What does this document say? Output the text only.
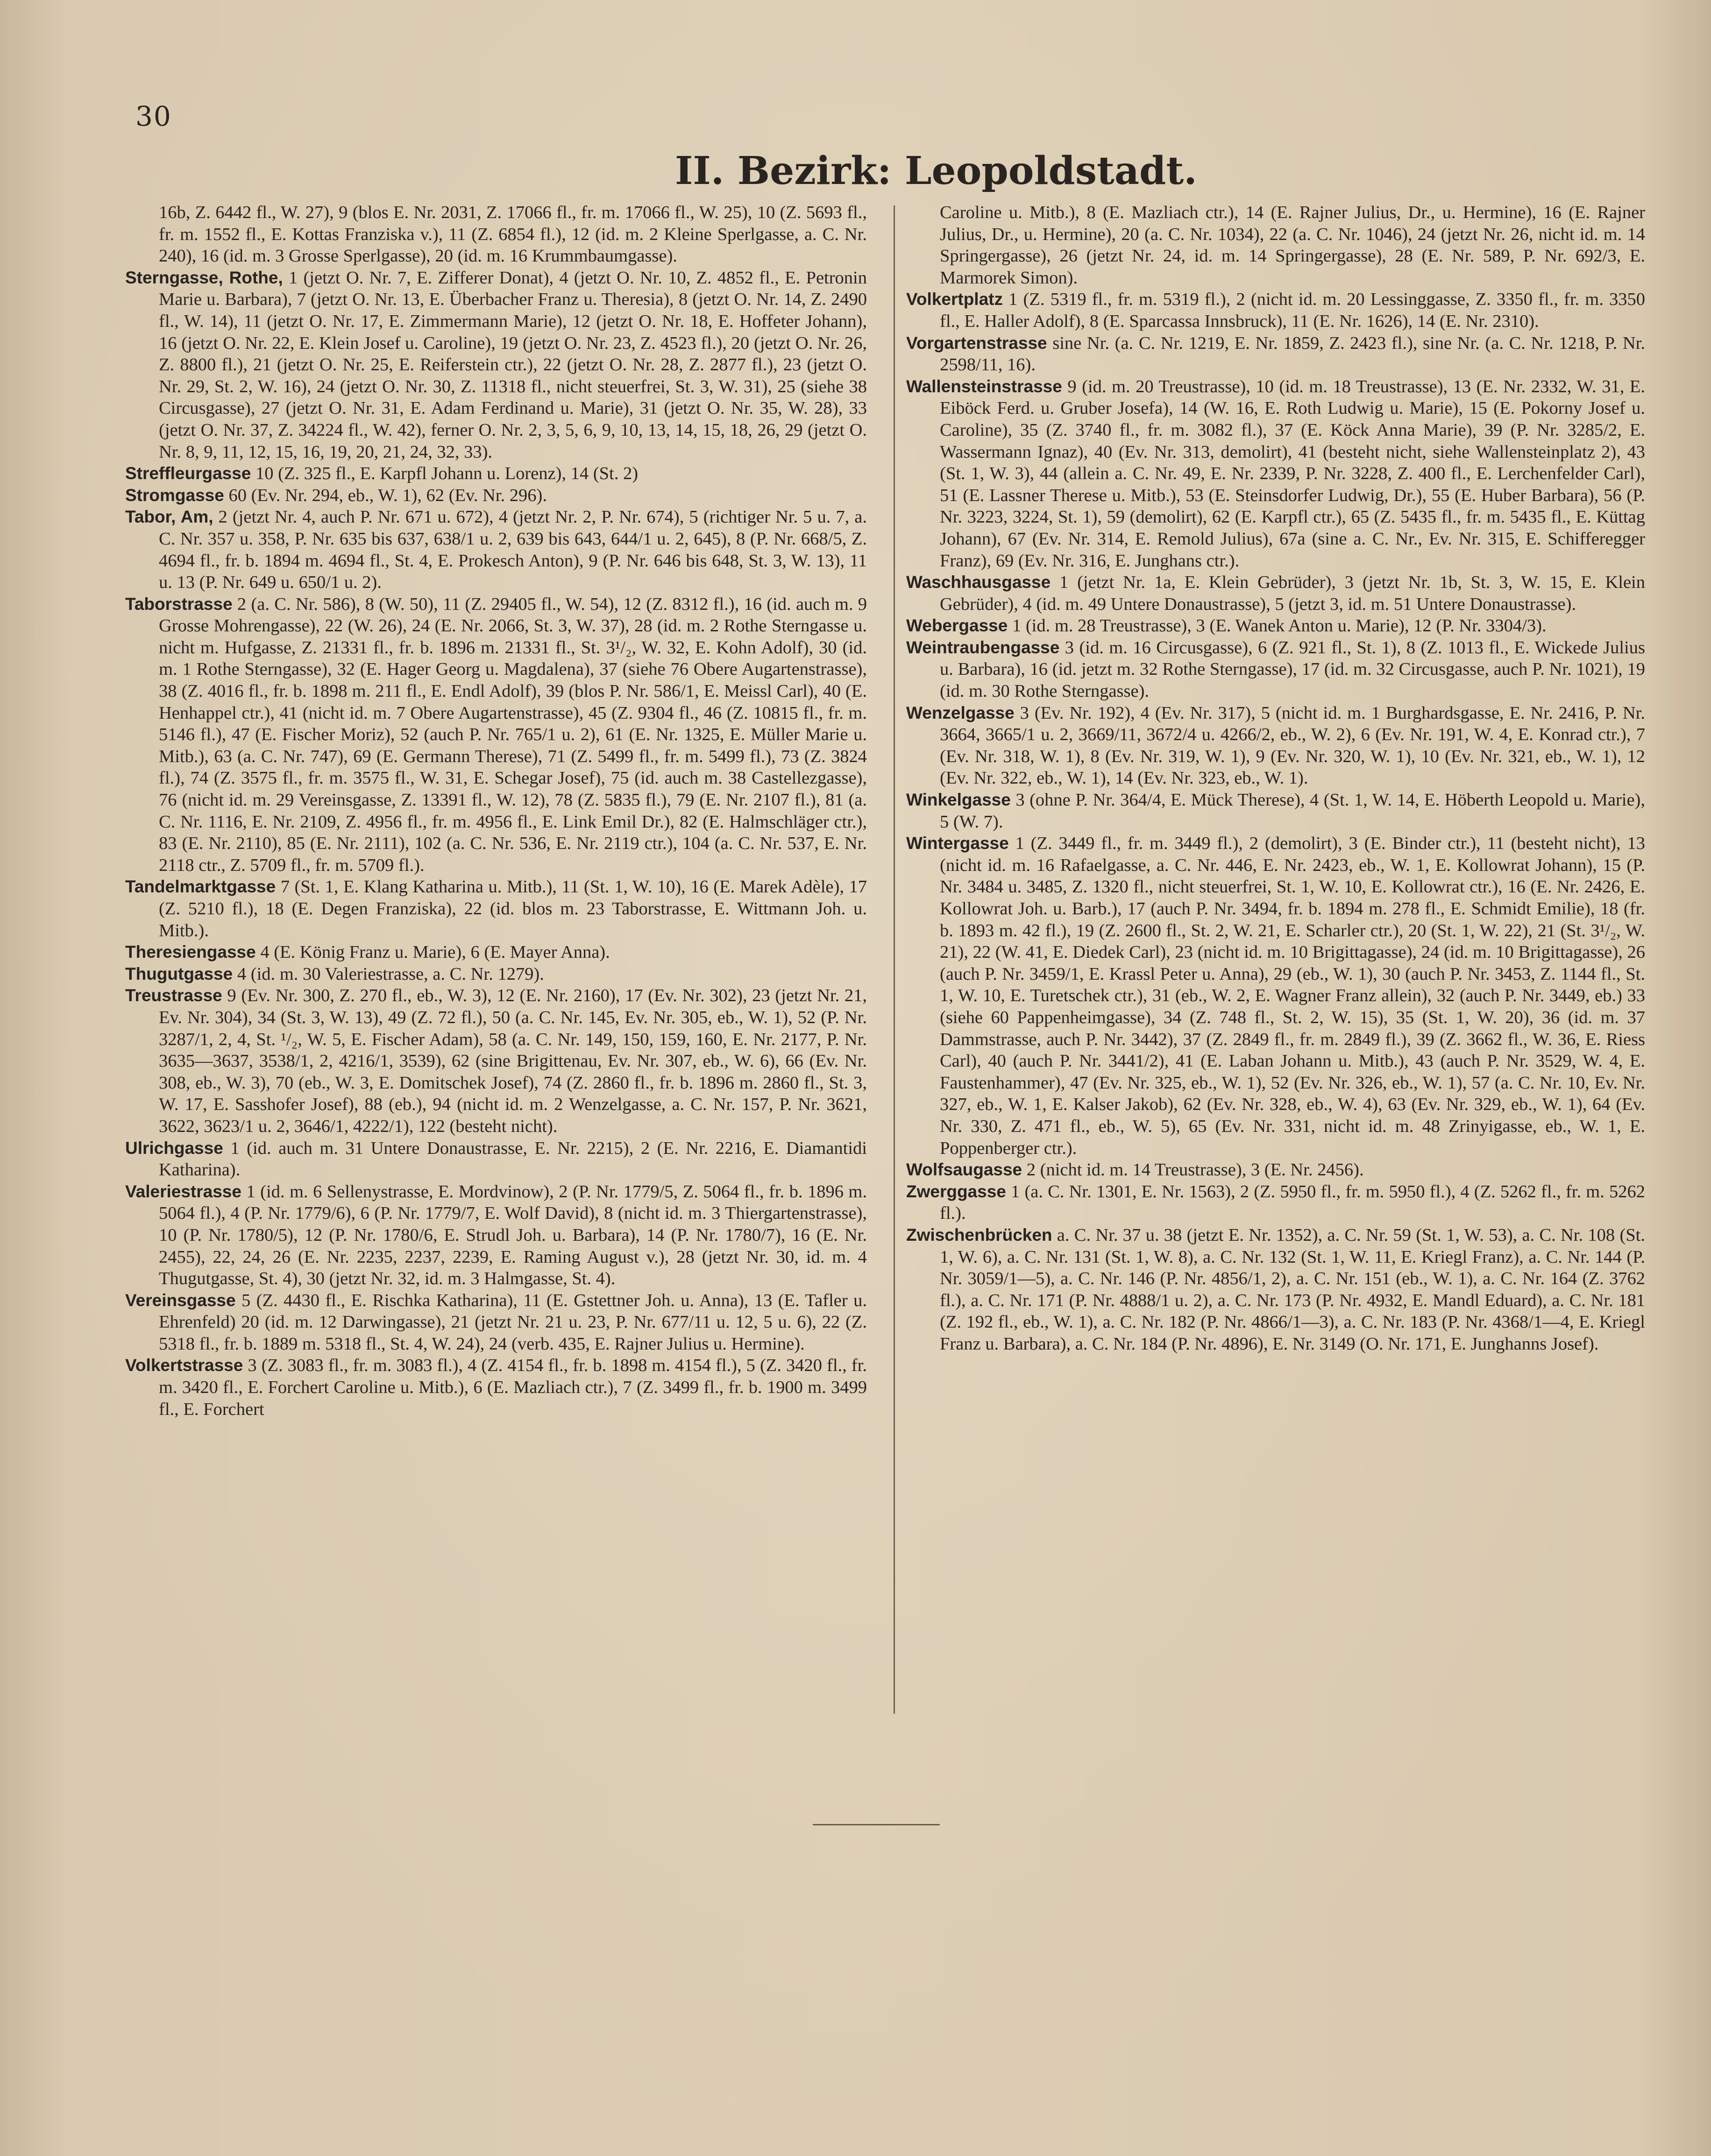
30
II. Bezirk: Leopoldstadt.

16b, Z. 6442 fl., W. 27), 9 (blos E. Nr. 2031, Z. 17066 fl., fr. m. 17066 fl., W. 25), 10 (Z. 5693 fl., fr. m. 1552 fl., E. Kottas Franziska v.), 11 (Z. 6854 fl.), 12 (id. m. 2 Kleine Sperlgasse, a. C. Nr. 240), 16 (id. m. 3 Grosse Sperlgasse), 20 (id. m. 16 Krummbaumgasse).

Sterngasse, Rothe, 1 (jetzt O. Nr. 7, E. Zifferer Donat), 4 (jetzt O. Nr. 10, Z. 4852 fl., E. Petronin Marie u. Barbara), 7 (jetzt O. Nr. 13, E. Überbacher Franz u. Theresia), 8 (jetzt O. Nr. 14, Z. 2490 fl., W. 14), 11 (jetzt O. Nr. 17, E. Zimmermann Marie), 12 (jetzt O. Nr. 18, E. Hoffeter Johann), 16 (jetzt O. Nr. 22, E. Klein Josef u. Caroline), 19 (jetzt O. Nr. 23, Z. 4523 fl.), 20 (jetzt O. Nr. 26, Z. 8800 fl.), 21 (jetzt O. Nr. 25, E. Reiferstein ctr.), 22 (jetzt O. Nr. 28, Z. 2877 fl.), 23 (jetzt O. Nr. 29, St. 2, W. 16), 24 (jetzt O. Nr. 30, Z. 11318 fl., nicht steuerfrei, St. 3, W. 31), 25 (siehe 38 Circusgasse), 27 (jetzt O. Nr. 31, E. Adam Ferdinand u. Marie), 31 (jetzt O. Nr. 35, W. 28), 33 (jetzt O. Nr. 37, Z. 34224 fl., W. 42), ferner O. Nr. 2, 3, 5, 6, 9, 10, 13, 14, 15, 18, 26, 29 (jetzt O. Nr. 8, 9, 11, 12, 15, 16, 19, 20, 21, 24, 32, 33).

Streffleurgasse 10 (Z. 325 fl., E. Karpfl Johann u. Lorenz), 14 (St. 2)

Stromgasse 60 (Ev. Nr. 294, eb., W. 1), 62 (Ev. Nr. 296).

Tabor, Am, 2 (jetzt Nr. 4, auch P. Nr. 671 u. 672), 4 (jetzt Nr. 2, P. Nr. 674), 5 (richtiger Nr. 5 u. 7, a. C. Nr. 357 u. 358, P. Nr. 635 bis 637, 638/1 u. 2, 639 bis 643, 644/1 u. 2, 645), 8 (P. Nr. 668/5, Z. 4694 fl., fr. b. 1894 m. 4694 fl., St. 4, E. Prokesch Anton), 9 (P. Nr. 646 bis 648, St. 3, W. 13), 11 u. 13 (P. Nr. 649 u. 650/1 u. 2).

Taborstrasse 2 (a. C. Nr. 586), 8 (W. 50), 11 (Z. 29405 fl., W. 54), 12 (Z. 8312 fl.), 16 (id. auch m. 9 Grosse Mohrengasse), 22 (W. 26), 24 (E. Nr. 2066, St. 3, W. 37), 28 (id. m. 2 Rothe Sterngasse u. nicht m. Hufgasse, Z. 21331 fl., fr. b. 1896 m. 21331 fl., St. 3¹/₂, W. 32, E. Kohn Adolf), 30 (id. m. 1 Rothe Sterngasse), 32 (E. Hager Georg u. Magdalena), 37 (siehe 76 Obere Augartenstrasse), 38 (Z. 4016 fl., fr. b. 1898 m. 211 fl., E. Endl Adolf), 39 (blos P. Nr. 586/1, E. Meissl Carl), 40 (E. Henhappel ctr.), 41 (nicht id. m. 7 Obere Augartenstrasse), 45 (Z. 9304 fl., 46 (Z. 10815 fl., fr. m. 5146 fl.), 47 (E. Fischer Moriz), 52 (auch P. Nr. 765/1 u. 2), 61 (E. Nr. 1325, E. Müller Marie u. Mitb.), 63 (a. C. Nr. 747), 69 (E. Germann Therese), 71 (Z. 5499 fl., fr. m. 5499 fl.), 73 (Z. 3824 fl.), 74 (Z. 3575 fl., fr. m. 3575 fl., W. 31, E. Schegar Josef), 75 (id. auch m. 38 Castellezgasse), 76 (nicht id. m. 29 Vereinsgasse, Z. 13391 fl., W. 12), 78 (Z. 5835 fl.), 79 (E. Nr. 2107 fl.), 81 (a. C. Nr. 1116, E. Nr. 2109, Z. 4956 fl., fr. m. 4956 fl., E. Link Emil Dr.), 82 (E. Halmschläger ctr.), 83 (E. Nr. 2110), 85 (E. Nr. 2111), 102 (a. C. Nr. 536, E. Nr. 2119 ctr.), 104 (a. C. Nr. 537, E. Nr. 2118 ctr., Z. 5709 fl., fr. m. 5709 fl.).

Tandelmarktgasse 7 (St. 1, E. Klang Katharina u. Mitb.), 11 (St. 1, W. 10), 16 (E. Marek Adèle), 17 (Z. 5210 fl.), 18 (E. Degen Franziska), 22 (id. blos m. 23 Taborstrasse, E. Wittmann Joh. u. Mitb.).

Theresiengasse 4 (E. König Franz u. Marie), 6 (E. Mayer Anna).

Thugutgasse 4 (id. m. 30 Valeriestrasse, a. C. Nr. 1279).

Treustrasse 9 (Ev. Nr. 300, Z. 270 fl., eb., W. 3), 12 (E. Nr. 2160), 17 (Ev. Nr. 302), 23 (jetzt Nr. 21, Ev. Nr. 304), 34 (St. 3, W. 13), 49 (Z. 72 fl.), 50 (a. C. Nr. 145, Ev. Nr. 305, eb., W. 1), 52 (P. Nr. 3287/1, 2, 4, St. ¹/₂, W. 5, E. Fischer Adam), 58 (a. C. Nr. 149, 150, 159, 160, E. Nr. 2177, P. Nr. 3635—3637, 3538/1, 2, 4216/1, 3539), 62 (sine Brigittenau, Ev. Nr. 307, eb., W. 6), 66 (Ev. Nr. 308, eb., W. 3), 70 (eb., W. 3, E. Domitschek Josef), 74 (Z. 2860 fl., fr. b. 1896 m. 2860 fl., St. 3, W. 17, E. Sasshofer Josef), 88 (eb.), 94 (nicht id. m. 2 Wenzelgasse, a. C. Nr. 157, P. Nr. 3621, 3622, 3623/1 u. 2, 3646/1, 4222/1), 122 (besteht nicht).

Ulrichgasse 1 (id. auch m. 31 Untere Donaustrasse, E. Nr. 2215), 2 (E. Nr. 2216, E. Diamantidi Katharina).

Valeriestrasse 1 (id. m. 6 Sellenystrasse, E. Mordvinow), 2 (P. Nr. 1779/5, Z. 5064 fl., fr. b. 1896 m. 5064 fl.), 4 (P. Nr. 1779/6), 6 (P. Nr. 1779/7, E. Wolf David), 8 (nicht id. m. 3 Thiergartenstrasse), 10 (P. Nr. 1780/5), 12 (P. Nr. 1780/6, E. Strudl Joh. u. Barbara), 14 (P. Nr. 1780/7), 16 (E. Nr. 2455), 22, 24, 26 (E. Nr. 2235, 2237, 2239, E. Raming August v.), 28 (jetzt Nr. 30, id. m. 4 Thugutgasse, St. 4), 30 (jetzt Nr. 32, id. m. 3 Halmgasse, St. 4).

Vereinsgasse 5 (Z. 4430 fl., E. Rischka Katharina), 11 (E. Gstettner Joh. u. Anna), 13 (E. Tafler u. Ehrenfeld) 20 (id. m. 12 Darwingasse), 21 (jetzt Nr. 21 u. 23, P. Nr. 677/11 u. 12, 5 u. 6), 22 (Z. 5318 fl., fr. b. 1889 m. 5318 fl., St. 4, W. 24), 24 (verb. 435, E. Rajner Julius u. Hermine).

Volkertstrasse 3 (Z. 3083 fl., fr. m. 3083 fl.), 4 (Z. 4154 fl., fr. b. 1898 m. 4154 fl.), 5 (Z. 3420 fl., fr. m. 3420 fl., E. Forchert Caroline u. Mitb.), 6 (E. Mazliach ctr.), 7 (Z. 3499 fl., fr. b. 1900 m. 3499 fl., E. Forchert

Caroline u. Mitb.), 8 (E. Mazliach ctr.), 14 (E. Rajner Julius, Dr., u. Hermine), 16 (E. Rajner Julius, Dr., u. Hermine), 20 (a. C. Nr. 1034), 22 (a. C. Nr. 1046), 24 (jetzt Nr. 26, nicht id. m. 14 Springergasse), 26 (jetzt Nr. 24, id. m. 14 Springergasse), 28 (E. Nr. 589, P. Nr. 692/3, E. Marmorek Simon).

Volkertplatz 1 (Z. 5319 fl., fr. m. 5319 fl.), 2 (nicht id. m. 20 Lessinggasse, Z. 3350 fl., fr. m. 3350 fl., E. Haller Adolf), 8 (E. Sparcassa Innsbruck), 11 (E. Nr. 1626), 14 (E. Nr. 2310).

Vorgartenstrasse sine Nr. (a. C. Nr. 1219, E. Nr. 1859, Z. 2423 fl.), sine Nr. (a. C. Nr. 1218, P. Nr. 2598/11, 16).

Wallensteinstrasse 9 (id. m. 20 Treustrasse), 10 (id. m. 18 Treustrasse), 13 (E. Nr. 2332, W. 31, E. Eiböck Ferd. u. Gruber Josefa), 14 (W. 16, E. Roth Ludwig u. Marie), 15 (E. Pokorny Josef u. Caroline), 35 (Z. 3740 fl., fr. m. 3082 fl.), 37 (E. Köck Anna Marie), 39 (P. Nr. 3285/2, E. Wassermann Ignaz), 40 (Ev. Nr. 313, demolirt), 41 (besteht nicht, siehe Wallensteinplatz 2), 43 (St. 1, W. 3), 44 (allein a. C. Nr. 49, E. Nr. 2339, P. Nr. 3228, Z. 400 fl., E. Lerchenfelder Carl), 51 (E. Lassner Therese u. Mitb.), 53 (E. Steinsdorfer Ludwig, Dr.), 55 (E. Huber Barbara), 56 (P. Nr. 3223, 3224, St. 1), 59 (demolirt), 62 (E. Karpfl ctr.), 65 (Z. 5435 fl., fr. m. 5435 fl., E. Küttag Johann), 67 (Ev. Nr. 314, E. Remold Julius), 67a (sine a. C. Nr., Ev. Nr. 315, E. Schifferegger Franz), 69 (Ev. Nr. 316, E. Junghans ctr.).

Waschhausgasse 1 (jetzt Nr. 1a, E. Klein Gebrüder), 3 (jetzt Nr. 1b, St. 3, W. 15, E. Klein Gebrüder), 4 (id. m. 49 Untere Donaustrasse), 5 (jetzt 3, id. m. 51 Untere Donaustrasse).

Webergasse 1 (id. m. 28 Treustrasse), 3 (E. Wanek Anton u. Marie), 12 (P. Nr. 3304/3).

Weintraubengasse 3 (id. m. 16 Circusgasse), 6 (Z. 921 fl., St. 1), 8 (Z. 1013 fl., E. Wickede Julius u. Barbara), 16 (id. jetzt m. 32 Rothe Sterngasse), 17 (id. m. 32 Circusgasse, auch P. Nr. 1021), 19 (id. m. 30 Rothe Sterngasse).

Wenzelgasse 3 (Ev. Nr. 192), 4 (Ev. Nr. 317), 5 (nicht id. m. 1 Burghardsgasse, E. Nr. 2416, P. Nr. 3664, 3665/1 u. 2, 3669/11, 3672/4 u. 4266/2, eb., W. 2), 6 (Ev. Nr. 191, W. 4, E. Konrad ctr.), 7 (Ev. Nr. 318, W. 1), 8 (Ev. Nr. 319, W. 1), 9 (Ev. Nr. 320, W. 1), 10 (Ev. Nr. 321, eb., W. 1), 12 (Ev. Nr. 322, eb., W. 1), 14 (Ev. Nr. 323, eb., W. 1).

Winkelgasse 3 (ohne P. Nr. 364/4, E. Mück Therese), 4 (St. 1, W. 14, E. Höberth Leopold u. Marie), 5 (W. 7).

Wintergasse 1 (Z. 3449 fl., fr. m. 3449 fl.), 2 (demolirt), 3 (E. Binder ctr.), 11 (besteht nicht), 13 (nicht id. m. 16 Rafaelgasse, a. C. Nr. 446, E. Nr. 2423, eb., W. 1, E. Kollowrat Johann), 15 (P. Nr. 3484 u. 3485, Z. 1320 fl., nicht steuerfrei, St. 1, W. 10, E. Kollowrat ctr.), 16 (E. Nr. 2426, E. Kollowrat Joh. u. Barb.), 17 (auch P. Nr. 3494, fr. b. 1894 m. 278 fl., E. Schmidt Emilie), 18 (fr. b. 1893 m. 42 fl.), 19 (Z. 2600 fl., St. 2, W. 21, E. Scharler ctr.), 20 (St. 1, W. 22), 21 (St. 3¹/₂, W. 21), 22 (W. 41, E. Diedek Carl), 23 (nicht id. m. 10 Brigittagasse), 24 (id. m. 10 Brigittagasse), 26 (auch P. Nr. 3459/1, E. Krassl Peter u. Anna), 29 (eb., W. 1), 30 (auch P. Nr. 3453, Z. 1144 fl., St. 1, W. 10, E. Turetschek ctr.), 31 (eb., W. 2, E. Wagner Franz allein), 32 (auch P. Nr. 3449, eb.) 33 (siehe 60 Pappenheimgasse), 34 (Z. 748 fl., St. 2, W. 15), 35 (St. 1, W. 20), 36 (id. m. 37 Dammstrasse, auch P. Nr. 3442), 37 (Z. 2849 fl., fr. m. 2849 fl.), 39 (Z. 3662 fl., W. 36, E. Riess Carl), 40 (auch P. Nr. 3441/2), 41 (E. Laban Johann u. Mitb.), 43 (auch P. Nr. 3529, W. 4, E. Faustenhammer), 47 (Ev. Nr. 325, eb., W. 1), 52 (Ev. Nr. 326, eb., W. 1), 57 (a. C. Nr. 10, Ev. Nr. 327, eb., W. 1, E. Kalser Jakob), 62 (Ev. Nr. 328, eb., W. 4), 63 (Ev. Nr. 329, eb., W. 1), 64 (Ev. Nr. 330, Z. 471 fl., eb., W. 5), 65 (Ev. Nr. 331, nicht id. m. 48 Zrinyigasse, eb., W. 1, E. Poppenberger ctr.).

Wolfsaugasse 2 (nicht id. m. 14 Treustrasse), 3 (E. Nr. 2456).

Zwerggasse 1 (a. C. Nr. 1301, E. Nr. 1563), 2 (Z. 5950 fl., fr. m. 5950 fl.), 4 (Z. 5262 fl., fr. m. 5262 fl.).

Zwischenbrücken a. C. Nr. 37 u. 38 (jetzt E. Nr. 1352), a. C. Nr. 59 (St. 1, W. 53), a. C. Nr. 108 (St. 1, W. 6), a. C. Nr. 131 (St. 1, W. 8), a. C. Nr. 132 (St. 1, W. 11, E. Kriegl Franz), a. C. Nr. 144 (P. Nr. 3059/1—5), a. C. Nr. 146 (P. Nr. 4856/1, 2), a. C. Nr. 151 (eb., W. 1), a. C. Nr. 164 (Z. 3762 fl.), a. C. Nr. 171 (P. Nr. 4888/1 u. 2), a. C. Nr. 173 (P. Nr. 4932, E. Mandl Eduard), a. C. Nr. 181 (Z. 192 fl., eb., W. 1), a. C. Nr. 182 (P. Nr. 4866/1—3), a. C. Nr. 183 (P. Nr. 4368/1—4, E. Kriegl Franz u. Barbara), a. C. Nr. 184 (P. Nr. 4896), E. Nr. 3149 (O. Nr. 171, E. Junghanns Josef).
